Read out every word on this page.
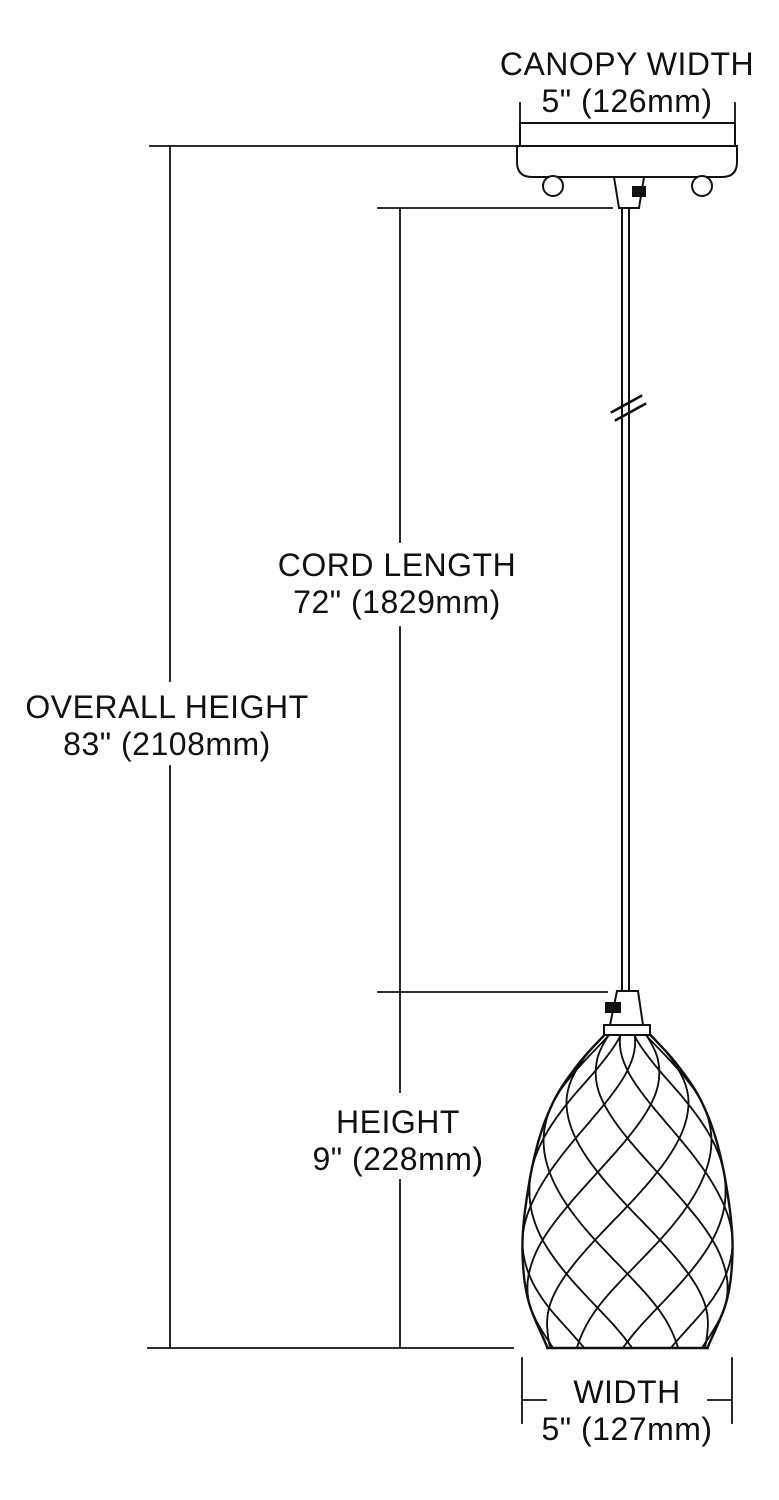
CANOPY WIDTH
5" (126mm)
CORD LENGTH
72" (1829mm)
OVERALL HEIGHT
83" (2108mm)
HEIGHT
9" (228mm)
WIDTH
5" (127mm)
